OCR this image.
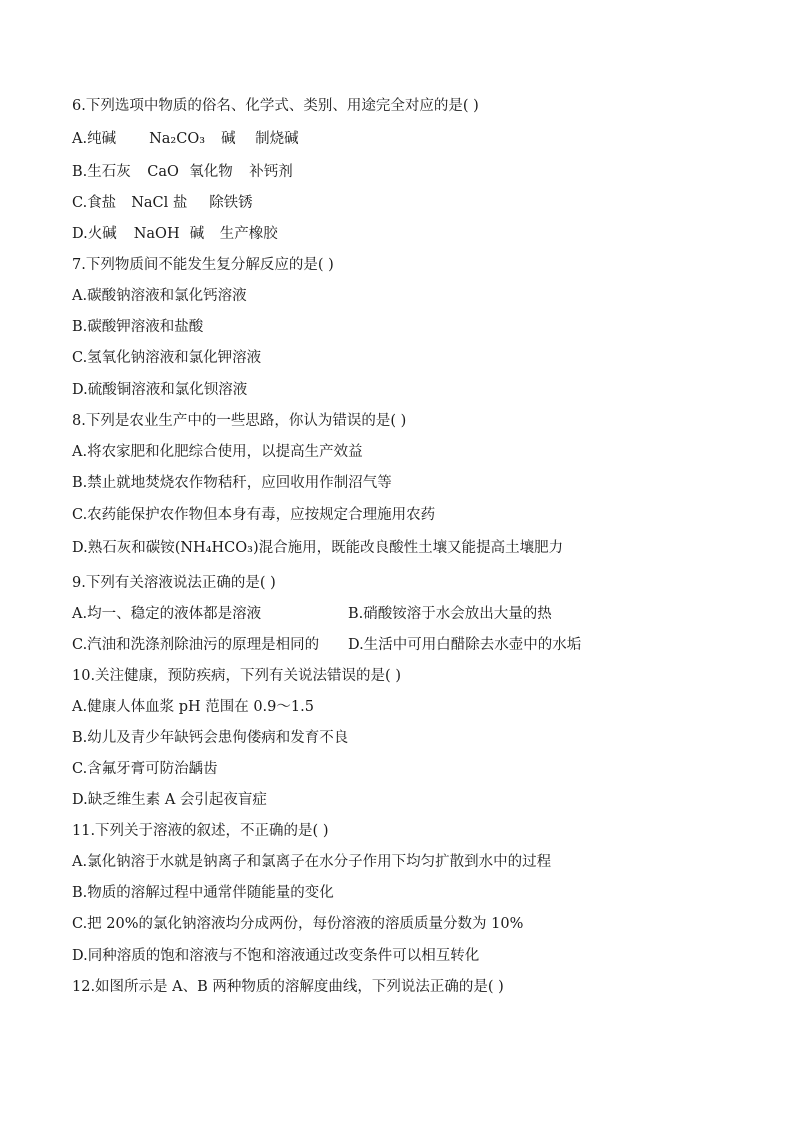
6.下列选项中物质的俗名、化学式、类别、用途完全对应的是( )
A.纯碱 Na₂CO₃ 碱 制烧碱
B.生石灰 CaO 氧化物 补钙剂
C.食盐 NaCl 盐 除铁锈
D.火碱 NaOH 碱 生产橡胶
7.下列物质间不能发生复分解反应的是( )
A.碳酸钠溶液和氯化钙溶液
B.碳酸钾溶液和盐酸
C.氢氧化钠溶液和氯化钾溶液
D.硫酸铜溶液和氯化钡溶液
8.下列是农业生产中的一些思路，你认为错误的是( )
A.将农家肥和化肥综合使用，以提高生产效益
B.禁止就地焚烧农作物秸秆，应回收用作制沼气等
C.农药能保护农作物但本身有毒，应按规定合理施用农药
D.熟石灰和碳铵(NH₄HCO₃)混合施用，既能改良酸性土壤又能提高土壤肥力
9.下列有关溶液说法正确的是( )
A.均一、稳定的液体都是溶液	B.硝酸铵溶于水会放出大量的热
C.汽油和洗涤剂除油污的原理是相同的 D.生活中可用白醋除去水壶中的水垢
10.关注健康，预防疾病，下列有关说法错误的是( )
A.健康人体血浆 pH 范围在 0.9～1.5
B.幼儿及青少年缺钙会患佝偻病和发育不良
C.含氟牙膏可防治龋齿
D.缺乏维生素 A 会引起夜盲症
11.下列关于溶液的叙述，不正确的是( )
A.氯化钠溶于水就是钠离子和氯离子在水分子作用下均匀扩散到水中的过程
B.物质的溶解过程中通常伴随能量的变化
C.把 20%的氯化钠溶液均分成两份，每份溶液的溶质质量分数为 10%
D.同种溶质的饱和溶液与不饱和溶液通过改变条件可以相互转化
12.如图所示是 A、B 两种物质的溶解度曲线，下列说法正确的是( )
